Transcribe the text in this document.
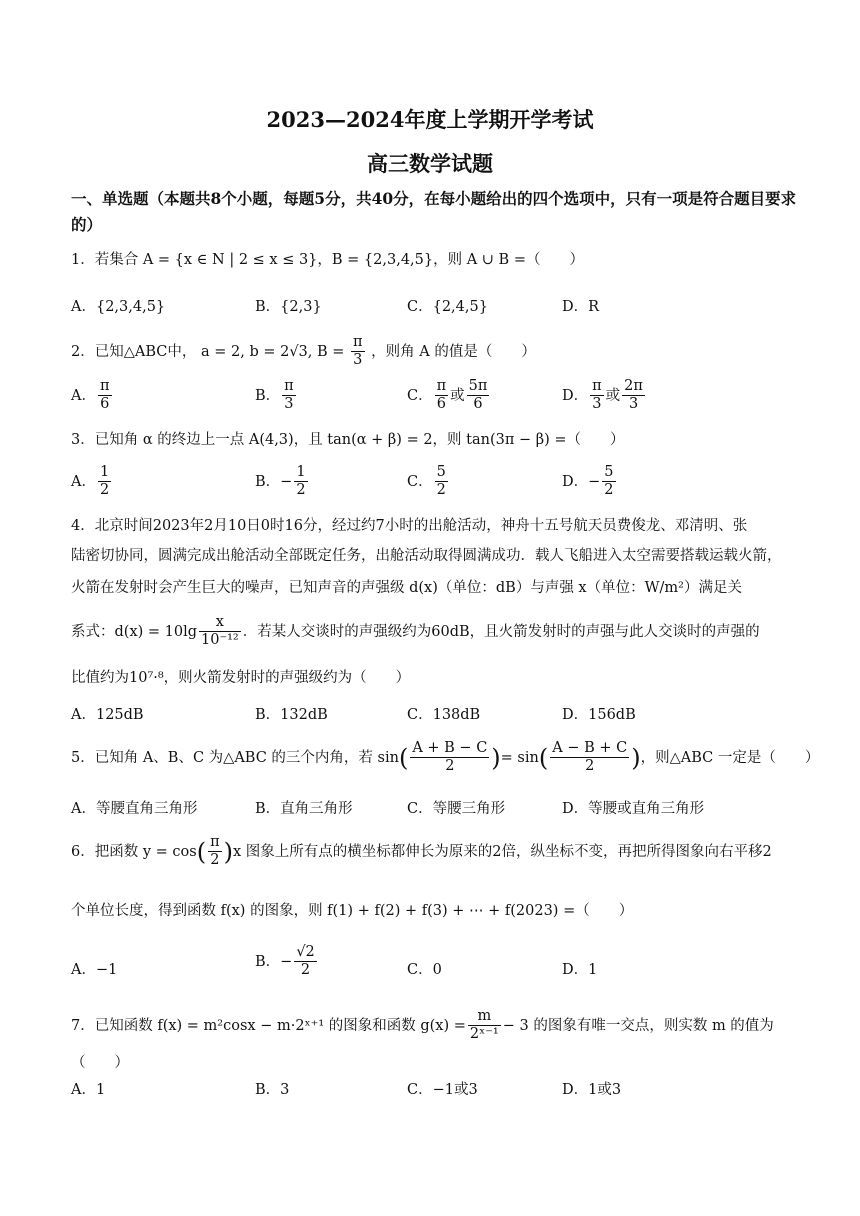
2023—2024年度上学期开学考试
高三数学试题
一、单选题（本题共8个小题，每题5分，共40分，在每小题给出的四个选项中，只有一项是符合题目要求的）
1．若集合 A = {x ∈ N | 2 ≤ x ≤ 3}，B = {2,3,4,5}，则 A ∪ B =（　　）
A．{2,3,4,5}	B．{2,3}	C．{2,4,5}	D．R
2．已知△ABC中， a = 2, b = 2√3, $B = \frac{\pi}{3}$ ，则角 A 的值是（　　）
A． $\frac{\pi}{6}$	B． $\frac{\pi}{3}$	C． $\frac{\pi}{6}$ 或 $\frac{5\pi}{6}$	D． $\frac{\pi}{3}$ 或 $\frac{2\pi}{3}$
3．已知角 α 的终边上一点 A(4,3)，且 tan(α + β) = 2，则 tan(3π − β) =（　　）
A． $\frac{1}{2}$	B．− $\frac{1}{2}$	C． $\frac{5}{2}$	D．− $\frac{5}{2}$
4．北京时间2023年2月10日0时16分，经过约7小时的出舱活动，神舟十五号航天员费俊龙、邓清明、张
陆密切协同，圆满完成出舱活动全部既定任务，出舱活动取得圆满成功．载人飞船进入太空需要搭载运载火箭，
火箭在发射时会产生巨大的噪声，已知声音的声强级 d(x)（单位：dB）与声强 x（单位：W/m²）满足关
系式：$d(x) = 10\lg \frac{x}{\text{10⁻¹²}}$ ．若某人交谈时的声强级约为60dB，且火箭发射时的声强与此人交谈时的声强的
比值约为10⁷·⁸，则火箭发射时的声强级约为（　　）
A．125dB	B．132dB	C．138dB	D．156dB
5．已知角 A、B、C 为△ABC 的三个内角，若 $\sin( \frac{A + B - C}{2}$ )= $\sin( \frac{A - B + C}{2}$ )，则△ABC 一定是（　　）
A．等腰直角三角形	B．直角三角形	C．等腰三角形	D．等腰或直角三角形
6．把函数 $y = \cos( \frac{\pi}{2} )x$ 图象上所有点的横坐标都伸长为原来的2倍，纵坐标不变，再把所得图象向右平移2
个单位长度，得到函数 f(x) 的图象，则 f(1) + f(2) + f(3) + ⋯ + f(2023) =（　　）
A．−1
B．− $\frac{√2}{2}$	C．0	D．1
7．已知函数 f(x) = m²cosx − m·2ˣ⁺¹ 的图象和函数 $g(x) = \frac{m}{\text{2ˣ⁻¹}} - 3$ 的图象有唯一交点，则实数 m 的值为
（　　）
A．1	B．3	C．−1或3	D．1或3
